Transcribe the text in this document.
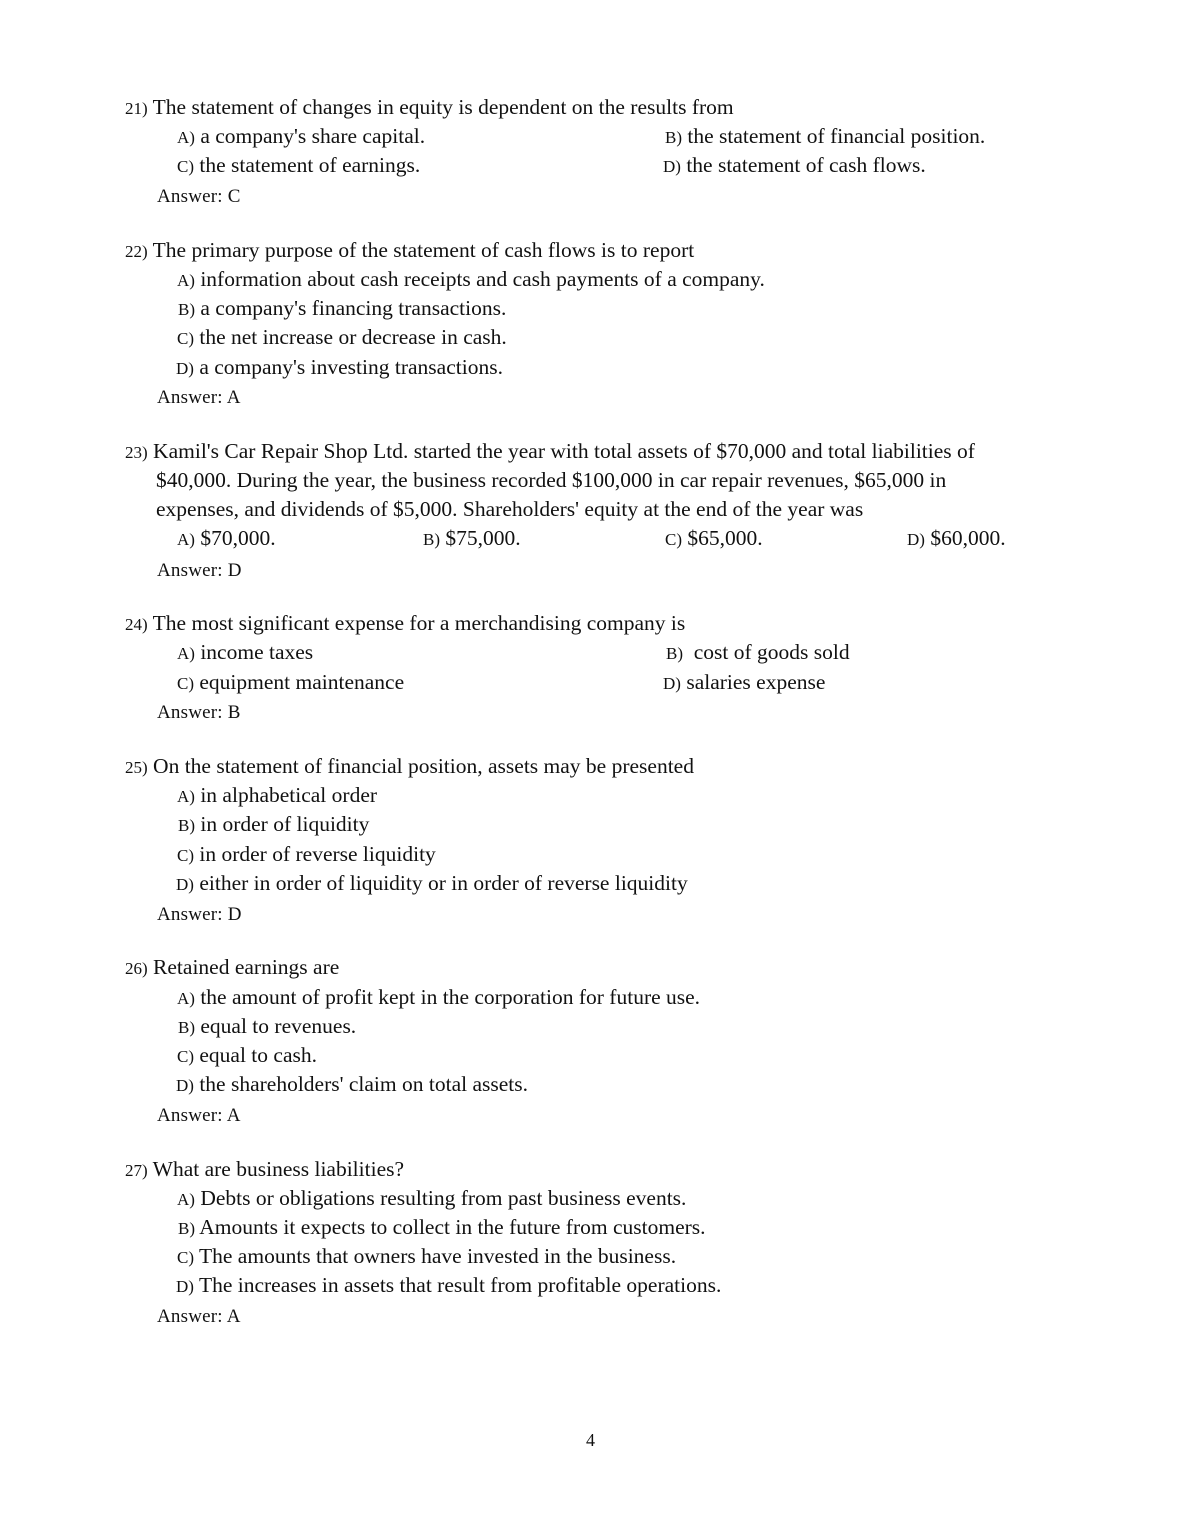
21) The statement of changes in equity is dependent on the results from
A) a company's share capital.	B) the statement of financial position.
C) the statement of earnings.	D) the statement of cash flows.
Answer: C
22) The primary purpose of the statement of cash flows is to report
A) information about cash receipts and cash payments of a company.
B) a company's financing transactions.
C) the net increase or decrease in cash.
D) a company's investing transactions.
Answer: A
23) Kamil's Car Repair Shop Ltd. started the year with total assets of $70,000 and total liabilities of
$40,000. During the year, the business recorded $100,000 in car repair revenues, $65,000 in
expenses, and dividends of $5,000. Shareholders' equity at the end of the year was
A) $70,000.	B) $75,000.	C) $65,000.	D) $60,000.
Answer: D
24) The most significant expense for a merchandising company is
A) income taxes	B) cost of goods sold
C) equipment maintenance	D) salaries expense
Answer: B
25) On the statement of financial position, assets may be presented
A) in alphabetical order
B) in order of liquidity
C) in order of reverse liquidity
D) either in order of liquidity or in order of reverse liquidity
Answer: D
26) Retained earnings are
A) the amount of profit kept in the corporation for future use.
B) equal to revenues.
C) equal to cash.
D) the shareholders' claim on total assets.
Answer: A
27) What are business liabilities?
A) Debts or obligations resulting from past business events.
B) Amounts it expects to collect in the future from customers.
C) The amounts that owners have invested in the business.
D) The increases in assets that result from profitable operations.
Answer: A
4
